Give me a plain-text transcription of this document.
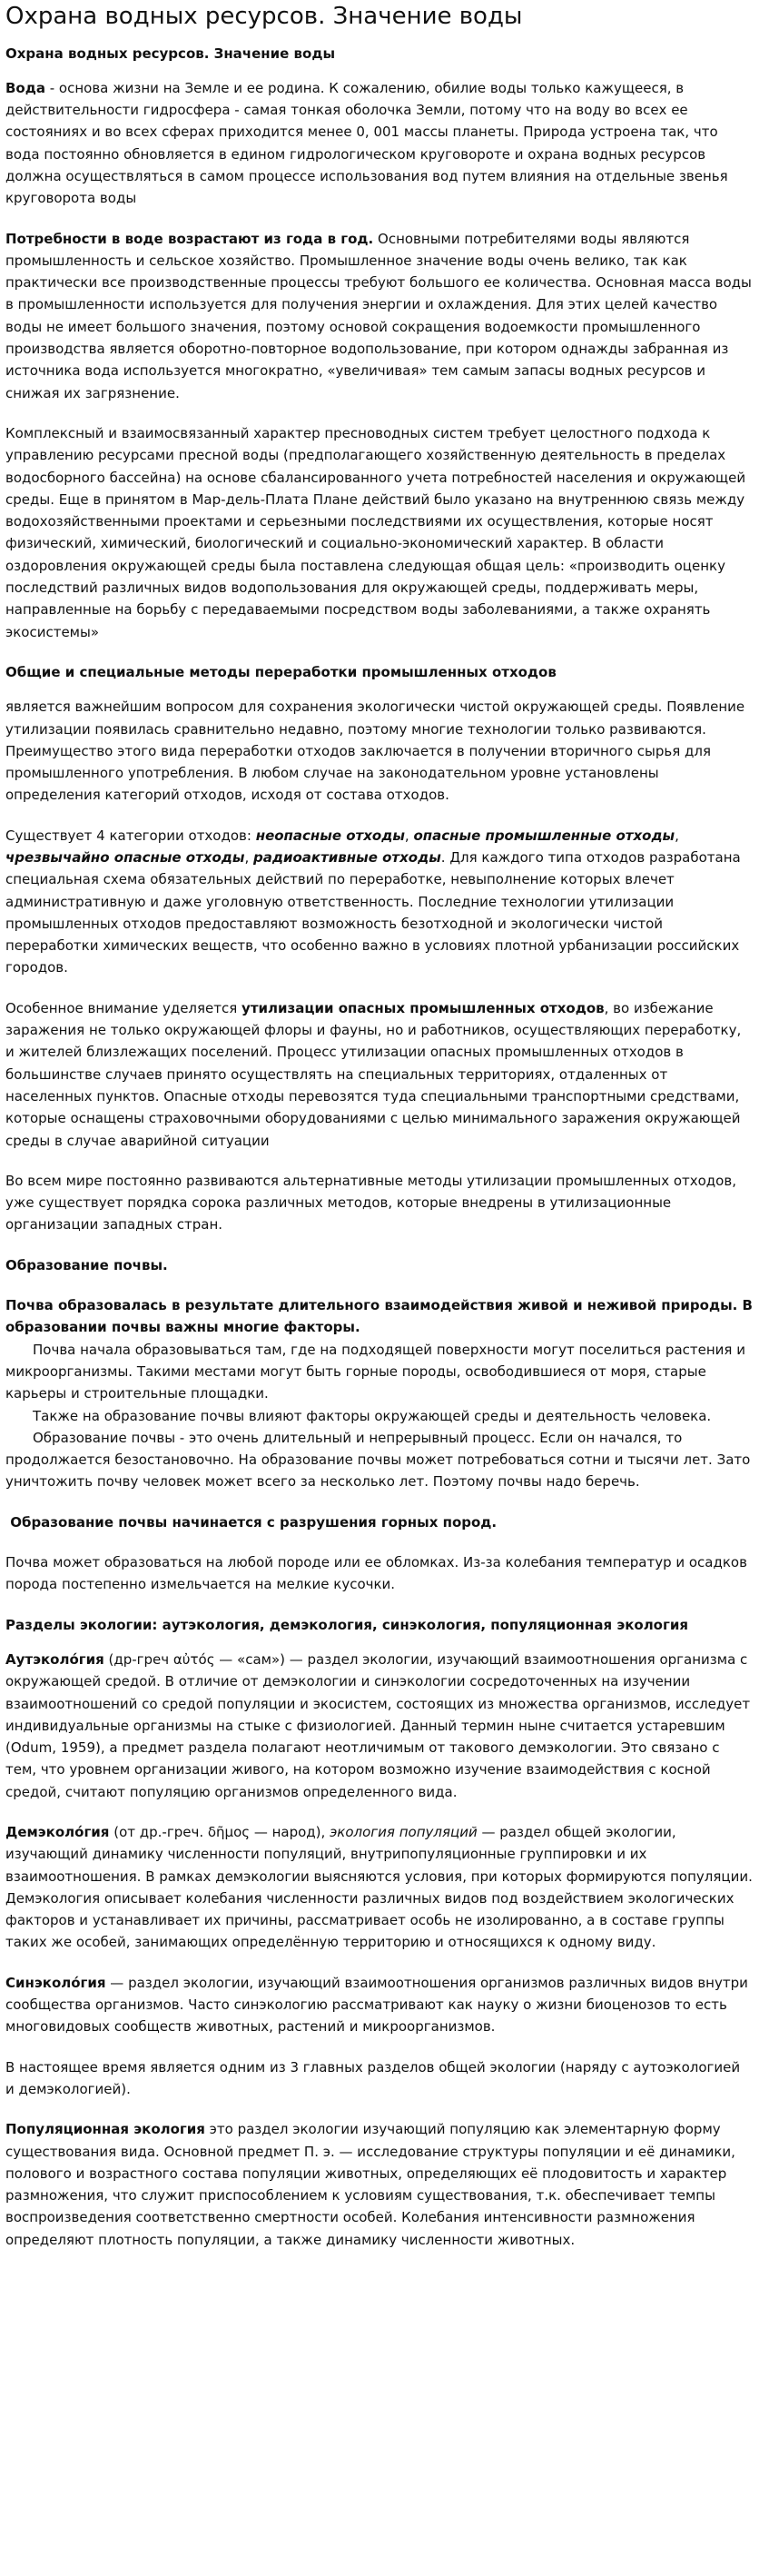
Охрана водных ресурсов. Значение воды

Охрана водных ресурсов. Значение воды

Вода - основа жизни на Земле и ее родина. К сожалению, обилие воды только кажущееся, в действительности гидросфера - самая тонкая оболочка Земли, потому что на воду во всех ее состояниях и во всех сферах приходится менее 0, 001 массы планеты. Природа устроена так, что вода постоянно обновляется в едином гидрологическом круговороте и охрана водных ресурсов должна осуществляться в самом процессе использования вод путем влияния на отдельные звенья круговорота воды

Потребности в воде возрастают из года в год. Основными потребителями воды являются промышленность и сельское хозяйство. Промышленное значение воды очень велико, так как практически все производственные процессы требуют большого ее количества. Основная масса воды в промышленности используется для получения энергии и охлаждения. Для этих целей качество воды не имеет большого значения, поэтому основой сокращения водоемкости промышленного производства является оборотно-повторное водопользование, при котором однажды забранная из источника вода используется многократно, «увеличивая» тем самым запасы водных ресурсов и снижая их загрязнение.

Комплексный и взаимосвязанный характер пресноводных систем требует целостного подхода к управлению ресурсами пресной воды (предполагающего хозяйственную деятельность в пределах водосборного бассейна) на основе сбалансированного учета потребностей населения и окружающей среды. Еще в принятом в Мар-дель-Плата Плане действий было указано на внутреннюю связь между водохозяйственными проектами и серьезными последствиями их осуществления, которые носят физический, химический, биологический и социально-экономический характер. В области оздоровления окружающей среды была поставлена следующая общая цель: «производить оценку последствий различных видов водопользования для окружающей среды, поддерживать меры, направленные на борьбу с передаваемыми посредством воды заболеваниями, а также охранять экосистемы»

Общие и специальные методы переработки промышленных отходов

является важнейшим вопросом для сохранения экологически чистой окружающей среды. Появление утилизации появилась сравнительно недавно, поэтому многие технологии только развиваются. Преимущество этого вида переработки отходов заключается в получении вторичного сырья для промышленного употребления. В любом случае на законодательном уровне установлены определения категорий отходов, исходя от состава отходов.

Существует 4 категории отходов: неопасные отходы, опасные промышленные отходы, чрезвычайно опасные отходы, радиоактивные отходы. Для каждого типа отходов разработана специальная схема обязательных действий по переработке, невыполнение которых влечет административную и даже уголовную ответственность. Последние технологии утилизации промышленных отходов предоставляют возможность безотходной и экологически чистой переработки химических веществ, что особенно важно в условиях плотной урбанизации российских городов.

Особенное внимание уделяется утилизации опасных промышленных отходов, во избежание заражения не только окружающей флоры и фауны, но и работников, осуществляющих переработку, и жителей близлежащих поселений. Процесс утилизации опасных промышленных отходов в большинстве случаев принято осуществлять на специальных территориях, отдаленных от населенных пунктов. Опасные отходы перевозятся туда специальными транспортными средствами, которые оснащены страховочными оборудованиями с целью минимального заражения окружающей среды в случае аварийной ситуации

Во всем мире постоянно развиваются альтернативные методы утилизации промышленных отходов, уже существует порядка сорока различных методов, которые внедрены в утилизационные организации западных стран.

Образование почвы.

Почва образовалась в результате длительного взаимодействия живой и неживой природы. В образовании почвы важны многие факторы.

Почва начала образовываться там, где на подходящей поверхности могут поселиться растения и микроорганизмы. Такими местами могут быть горные породы, освободившиеся от моря, старые карьеры и строительные площадки.

Также на образование почвы влияют факторы окружающей среды и деятельность человека.

Образование почвы - это очень длительный и непрерывный процесс. Если он начался, то продолжается безостановочно. На образование почвы может потребоваться сотни и тысячи лет. Зато уничтожить почву человек может всего за несколько лет. Поэтому почвы надо беречь.

Образование почвы начинается с разрушения горных пород.

Почва может образоваться на любой породе или ее обломках. Из-за колебания температур и осадков порода постепенно измельчается на мелкие кусочки.

Разделы экологии: аутэкология, демэкология, синэкология, популяционная экология

Аутэколо́гия (др-греч αὐτός — «сам») — раздел экологии, изучающий взаимоотношения организма с окружающей средой. В отличие от демэкологии и синэкологии сосредоточенных на изучении взаимоотношений со средой популяции и экосистем, состоящих из множества организмов, исследует индивидуальные организмы на стыке с физиологией. Данный термин ныне считается устаревшим (Odum, 1959), а предмет раздела полагают неотличимым от такового демэкологии. Это связано с тем, что уровнем организации живого, на котором возможно изучение взаимодействия с косной средой, считают популяцию организмов определенного вида.

Демэколо́гия (от др.-греч. δῆμος — народ), экология популяций — раздел общей экологии, изучающий динамику численности популяций, внутрипопуляционные группировки и их взаимоотношения. В рамках демэкологии выясняются условия, при которых формируются популяции. Демэкология описывает колебания численности различных видов под воздействием экологических факторов и устанавливает их причины, рассматривает особь не изолированно, а в составе группы таких же особей, занимающих определённую территорию и относящихся к одному виду.

Синэколо́гия — раздел экологии, изучающий взаимоотношения организмов различных видов внутри сообщества организмов. Часто синэкологию рассматривают как науку о жизни биоценозов то есть многовидовых сообществ животных, растений и микроорганизмов.

В настоящее время является одним из 3 главных разделов общей экологии (наряду с аутоэкологией и демэкологией).

Популяционная экология это раздел экологии изучающий популяцию как элементарную форму существования вида. Основной предмет П. э. — исследование структуры популяции и её динамики, полового и возрастного состава популяции животных, определяющих её плодовитость и характер размножения, что служит приспособлением к условиям существования, т.к. обеспечивает темпы воспроизведения соответственно смертности особей. Колебания интенсивности размножения определяют плотность популяции, а также динамику численности животных.
